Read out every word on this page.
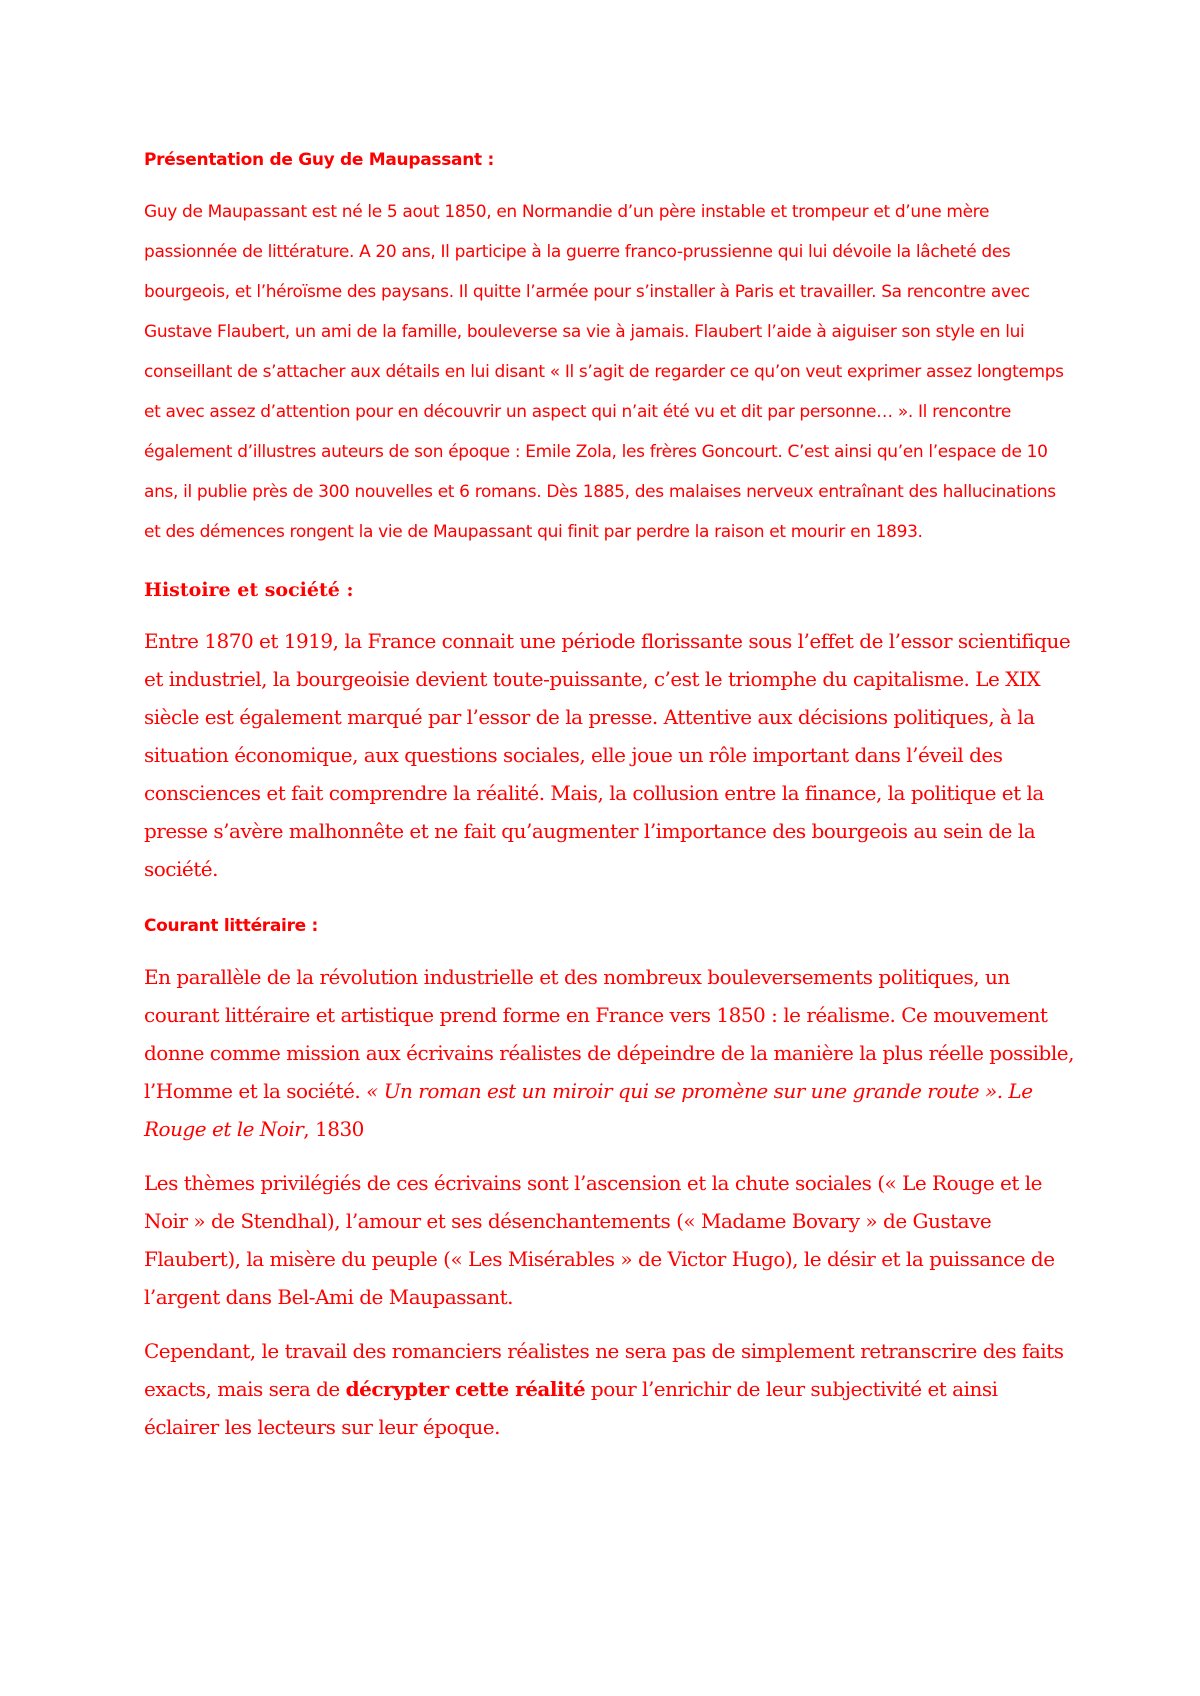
Présentation de Guy de Maupassant :

Guy de Maupassant est né le 5 aout 1850, en Normandie d’un père instable et trompeur et d’une mère passionnée de littérature. A 20 ans, Il participe à la guerre franco-prussienne qui lui dévoile la lâcheté des bourgeois, et l’héroïsme des paysans. Il quitte l’armée pour s’installer à Paris et travailler. Sa rencontre avec Gustave Flaubert, un ami de la famille, bouleverse sa vie à jamais. Flaubert l’aide à aiguiser son style en lui conseillant de s’attacher aux détails en lui disant « Il s’agit de regarder ce qu’on veut exprimer assez longtemps et avec assez d’attention pour en découvrir un aspect qui n’ait été vu et dit par personne… ». Il rencontre également d’illustres auteurs de son époque : Emile Zola, les frères Goncourt. C’est ainsi qu’en l’espace de 10 ans, il publie près de 300 nouvelles et 6 romans. Dès 1885, des malaises nerveux entraînant des hallucinations et des démences rongent la vie de Maupassant qui finit par perdre la raison et mourir en 1893.

Histoire et société :

Entre 1870 et 1919, la France connait une période florissante sous l’effet de l’essor scientifique et industriel, la bourgeoisie devient toute-puissante, c’est le triomphe du capitalisme. Le XIX siècle est également marqué par l’essor de la presse. Attentive aux décisions politiques, à la situation économique, aux questions sociales, elle joue un rôle important dans l’éveil des consciences et fait comprendre la réalité. Mais, la collusion entre la finance, la politique et la presse s’avère malhonnête et ne fait qu’augmenter l’importance des bourgeois au sein de la société.

Courant littéraire :

En parallèle de la révolution industrielle et des nombreux bouleversements politiques, un courant littéraire et artistique prend forme en France vers 1850 : le réalisme. Ce mouvement donne comme mission aux écrivains réalistes de dépeindre de la manière la plus réelle possible, l’Homme et la société. « Un roman est un miroir qui se promène sur une grande route ». Le Rouge et le Noir, 1830

Les thèmes privilégiés de ces écrivains sont l’ascension et la chute sociales (« Le Rouge et le Noir » de Stendhal), l’amour et ses désenchantements (« Madame Bovary » de Gustave Flaubert), la misère du peuple (« Les Misérables » de Victor Hugo), le désir et la puissance de l’argent dans Bel-Ami de Maupassant.

Cependant, le travail des romanciers réalistes ne sera pas de simplement retranscrire des faits exacts, mais sera de décrypter cette réalité pour l’enrichir de leur subjectivité et ainsi éclairer les lecteurs sur leur époque.
